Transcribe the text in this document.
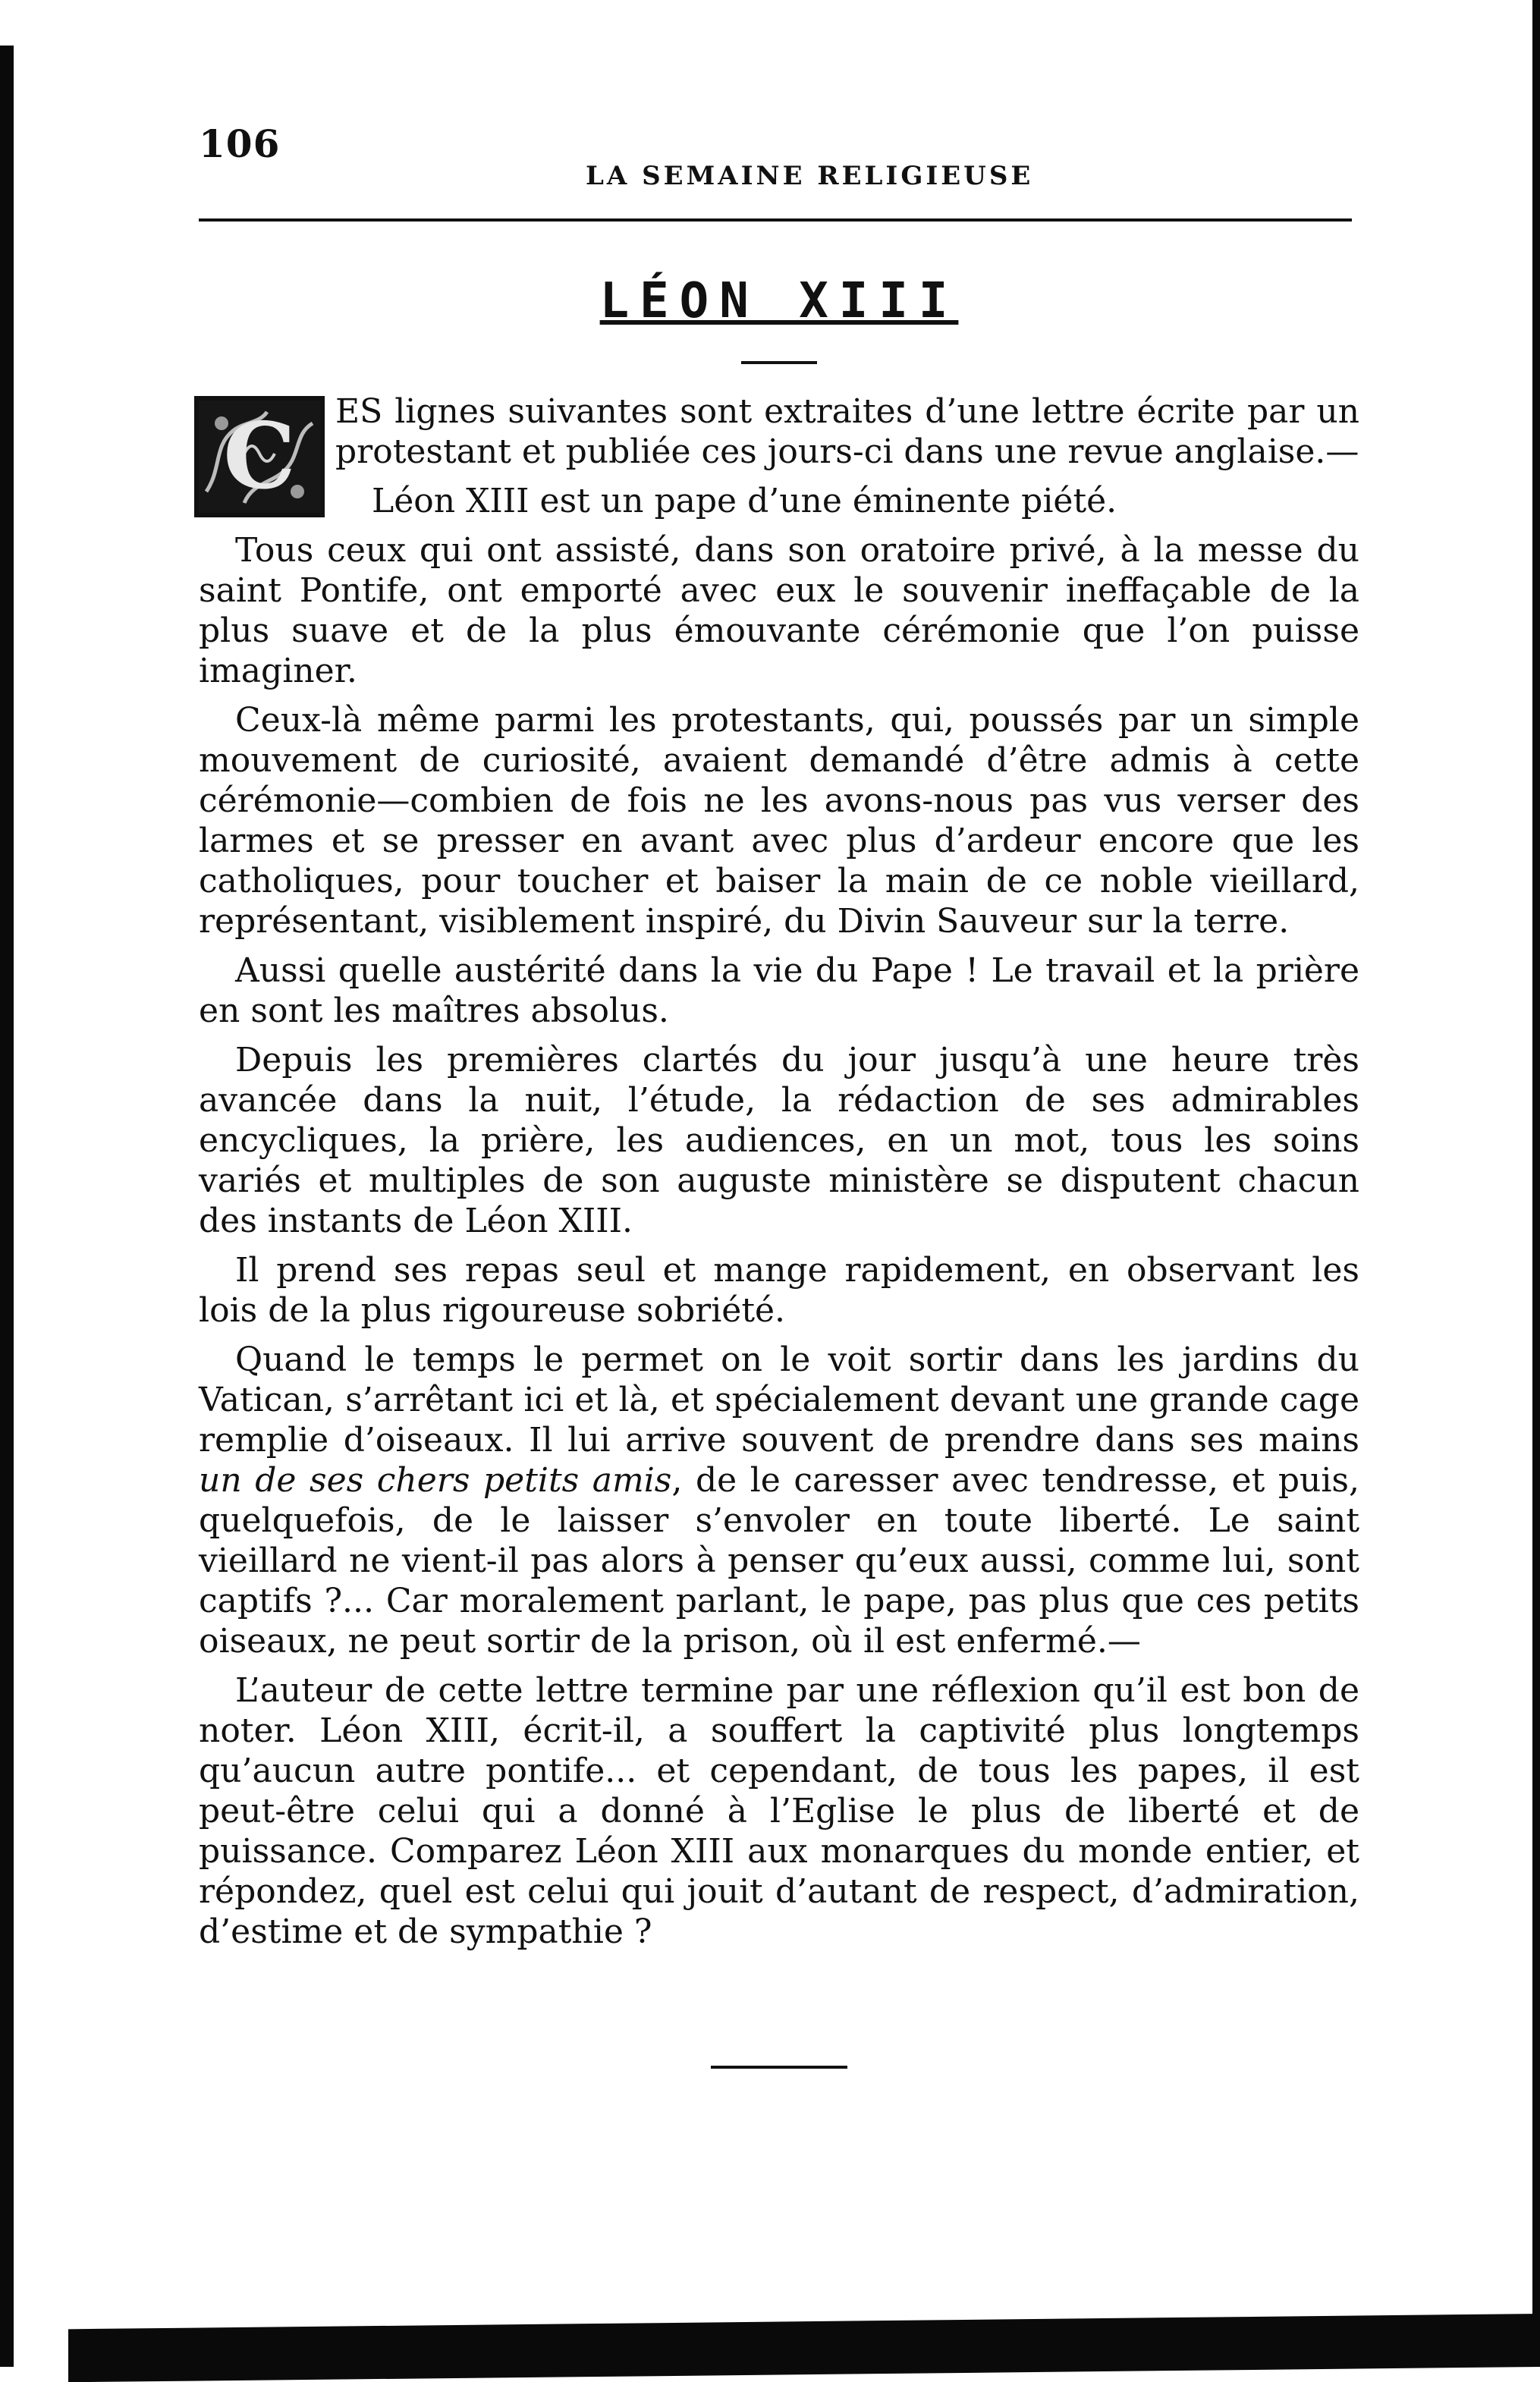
106
LA SEMAINE RELIGIEUSE
LÉON XIII

C ES lignes suivantes sont extraites d’une lettre écrite par un protestant et publiée ces jours-ci dans une revue anglaise.—

Léon XIII est un pape d’une éminente piété.

Tous ceux qui ont assisté, dans son oratoire privé, à la messe du saint Pontife, ont emporté avec eux le souvenir ineffaçable de la plus suave et de la plus émouvante cérémonie que l’on puisse imaginer.

Ceux-là même parmi les protestants, qui, poussés par un simple mouvement de curiosité, avaient demandé d’être admis à cette cérémonie—combien de fois ne les avons-nous pas vus verser des larmes et se presser en avant avec plus d’ardeur encore que les catholiques, pour toucher et baiser la main de ce noble vieillard, représentant, visiblement inspiré, du Divin Sauveur sur la terre.

Aussi quelle austérité dans la vie du Pape ! Le travail et la prière en sont les maîtres absolus.

Depuis les premières clartés du jour jusqu’à une heure très avancée dans la nuit, l’étude, la rédaction de ses admirables encycliques, la prière, les audiences, en un mot, tous les soins variés et multiples de son auguste ministère se disputent chacun des instants de Léon XIII.

Il prend ses repas seul et mange rapidement, en observant les lois de la plus rigoureuse sobriété.

Quand le temps le permet on le voit sortir dans les jardins du Vatican, s’arrêtant ici et là, et spécialement devant une grande cage remplie d’oiseaux. Il lui arrive souvent de prendre dans ses mains un de ses chers petits amis, de le caresser avec tendresse, et puis, quelquefois, de le laisser s’envoler en toute liberté. Le saint vieillard ne vient-il pas alors à penser qu’eux aussi, comme lui, sont captifs ?... Car moralement parlant, le pape, pas plus que ces petits oiseaux, ne peut sortir de la prison, où il est enfermé.—

L’auteur de cette lettre termine par une réflexion qu’il est bon de noter. Léon XIII, écrit-il, a souffert la captivité plus longtemps qu’aucun autre pontife... et cependant, de tous les papes, il est peut-être celui qui a donné à l’Eglise le plus de liberté et de puissance. Comparez Léon XIII aux monarques du monde entier, et répondez, quel est celui qui jouit d’autant de respect, d’admiration, d’estime et de sympathie ?
